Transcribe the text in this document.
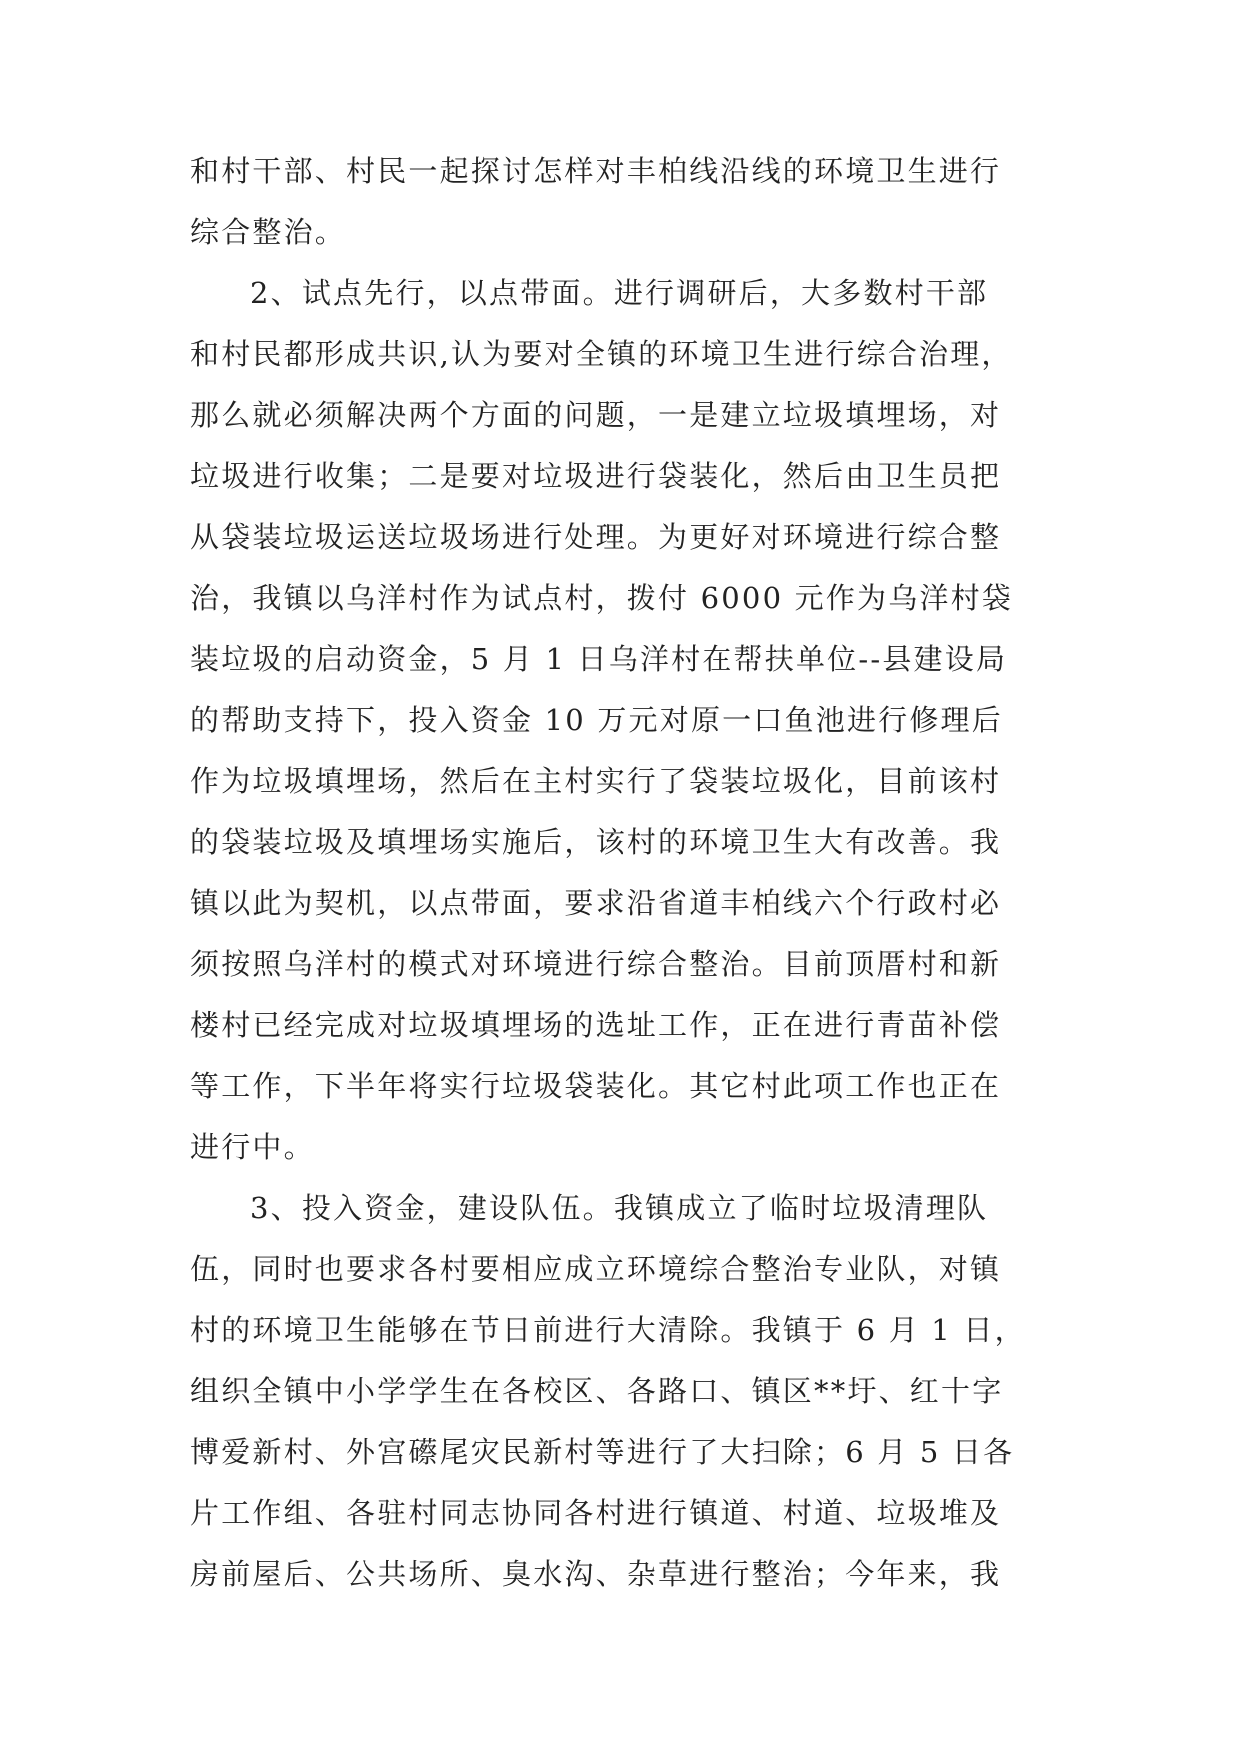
和村干部、村民一起探讨怎样对丰柏线沿线的环境卫生进行
综合整治。
2、试点先行，以点带面。进行调研后，大多数村干部
和村民都形成共识,认为要对全镇的环境卫生进行综合治理，
那么就必须解决两个方面的问题，一是建立垃圾填埋场，对
垃圾进行收集；二是要对垃圾进行袋装化，然后由卫生员把
从袋装垃圾运送垃圾场进行处理。为更好对环境进行综合整
治，我镇以乌洋村作为试点村，拨付 6000 元作为乌洋村袋
装垃圾的启动资金，5 月 1 日乌洋村在帮扶单位--县建设局
的帮助支持下，投入资金 10 万元对原一口鱼池进行修理后
作为垃圾填埋场，然后在主村实行了袋装垃圾化，目前该村
的袋装垃圾及填埋场实施后，该村的环境卫生大有改善。我
镇以此为契机，以点带面，要求沿省道丰柏线六个行政村必
须按照乌洋村的模式对环境进行综合整治。目前顶厝村和新
楼村已经完成对垃圾填埋场的选址工作，正在进行青苗补偿
等工作，下半年将实行垃圾袋装化。其它村此项工作也正在
进行中。
3、投入资金，建设队伍。我镇成立了临时垃圾清理队
伍，同时也要求各村要相应成立环境综合整治专业队，对镇
村的环境卫生能够在节日前进行大清除。我镇于 6 月 1 日，
组织全镇中小学学生在各校区、各路口、镇区**圩、红十字
博爱新村、外宫礤尾灾民新村等进行了大扫除；6 月 5 日各
片工作组、各驻村同志协同各村进行镇道、村道、垃圾堆及
房前屋后、公共场所、臭水沟、杂草进行整治；今年来，我
